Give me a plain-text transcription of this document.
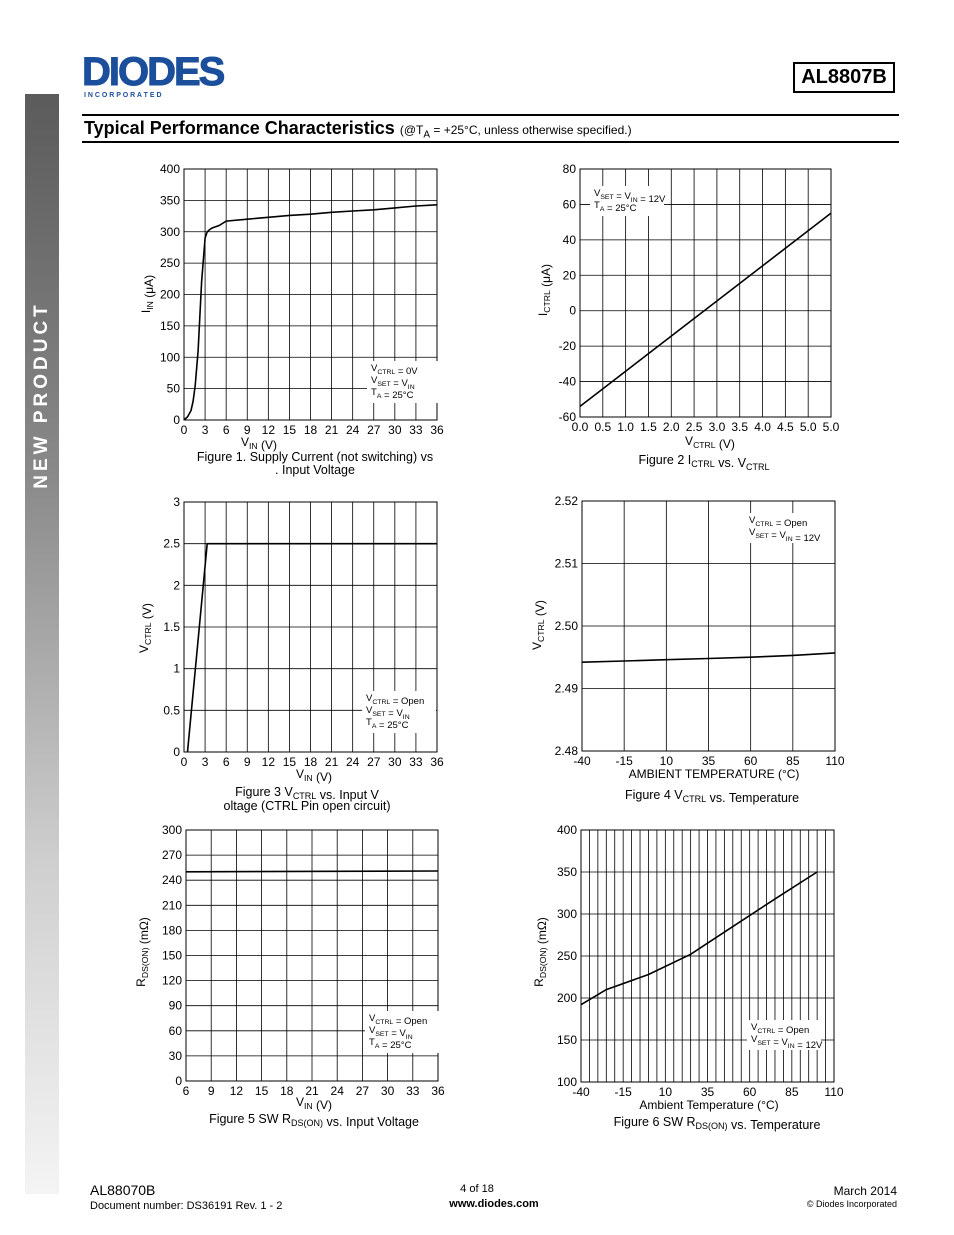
NEW PRODUCT
DIODES
I N C O R P O R A T E D
AL8807B
Typical Performance Characteristics ($@T_A = +25^\circ C$, unless otherwise specified.)
0 3 6 9 12 15 18 21 24 27 30 33 36
0
50
100
150
200
250
300
350
400
$V_{IN}$ (V)
$I_{IN}$ (μA)
$V_{CTRL} = 0V$
$V_{SET} = V_{IN}$
$T_A = 25^\circ C$
Figure 1. Supply Current (not switching) vs
. Input Voltage
0.0 0.5 1.0 1.5 2.0 2.5 3.0 3.5 4.0 4.5 5.0 5.0
-60
-40
-20
0
20
40
60
80
$V_{CTRL}$ (V)
$I_{CTRL}$ (μA)
$V_{SET} = V_{IN} = 12V$
$T_A = 25^\circ C$
Figure 2 $I_{CTRL}$ vs. $V_{CTRL}$
0 3 6 9 12 15 18 21 24 27 30 33 36
0
0.5
1
1.5
2
2.5
3
$V_{IN}$ (V)
$V_{CTRL}$ (V)
$V_{CTRL}$ = Open
$V_{SET} = V_{IN}$
$T_A = 25^\circ C$
Figure 3 $V_{CTRL}$ vs. Input V
oltage (CTRL Pin open circuit)
-40 -15 10 35 60 85 110
2.48
2.49
2.50
2.51
2.52
AMBIENT TEMPERATURE (°C)
$V_{CTRL}$ (V)
$V_{CTRL}$ = Open
$V_{SET} = V_{IN} = 12V$
Figure 4 $V_{CTRL}$ vs. Temperature
6 9 12 15 18 21 24 27 30 33 36
0
30
60
90
120
150
180
210
240
270
300
$V_{IN}$ (V)
$R_{DS(ON)}$ (mΩ)
$V_{CTRL}$ = Open
$V_{SET} = V_{IN}$
$T_A = 25^\circ C$
Figure 5 SW $R_{DS(ON)}$ vs. Input Voltage
-40 -15 10 35 60 85 110
100
150
200
250
300
350
400
Ambient Temperature (°C)
$R_{DS(ON)}$ (mΩ)
$V_{CTRL}$ = Open
$V_{SET} = V_{IN} = 12V$
Figure 6 SW $R_{DS(ON)}$ vs. Temperature
AL88070B
Document number: DS36191 Rev. 1 - 2
4 of 18
www.diodes.com
March 2014
© Diodes Incorporated
